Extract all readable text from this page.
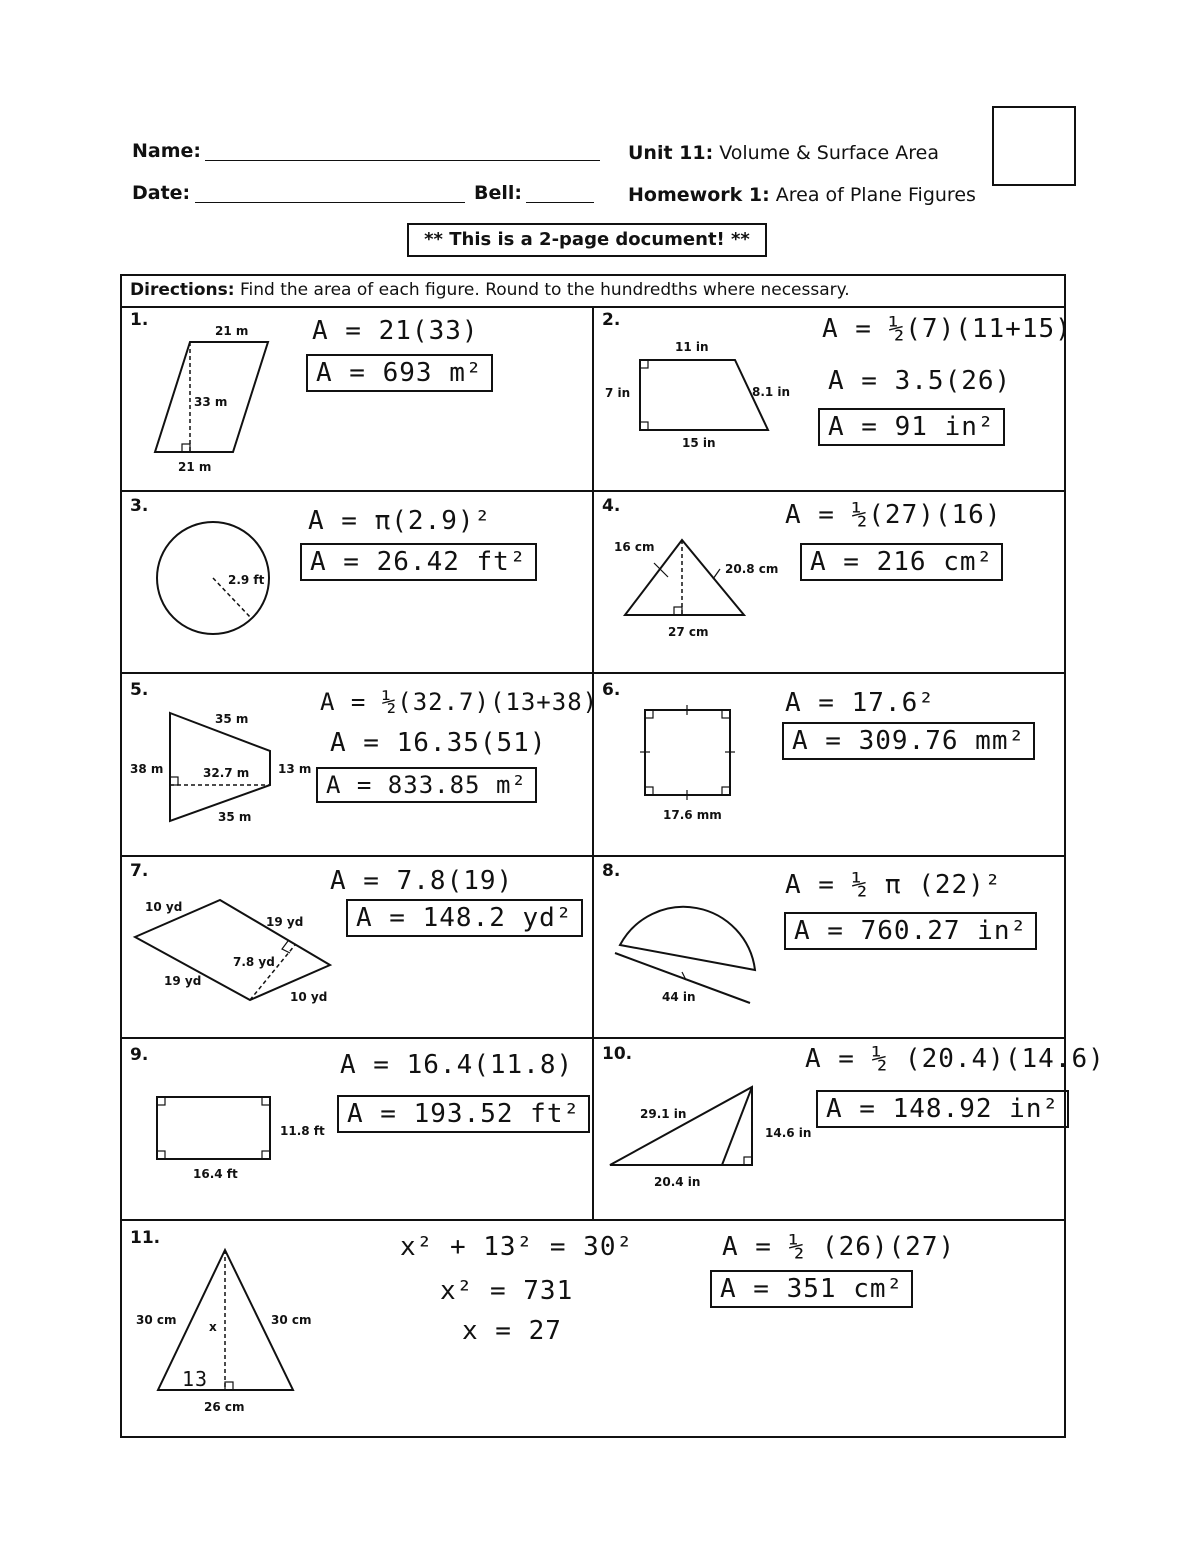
Name:
Date:	Bell:
Unit 11: Volume & Surface Area
Homework 1: Area of Plane Figures
** This is a 2-page document! **
Directions: Find the area of each figure. Round to the hundredths where necessary.
1.
21 m
33 m
21 m
A = 21(33)
A = 693 m²
2.
11 in
7 in	8.1 in
15 in
A = ½(7)(11+15)
A = 3.5(26)
A = 91 in²
3.
2.9 ft
A = π(2.9)²
A = 26.42 ft²
4.
16 cm
20.8 cm
27 cm
A = ½(27)(16)
A = 216 cm²
5.
35 m
38 m	32.7 m 13 m
35 m
A = ½(32.7)(13+38)
A = 16.35(51)
A = 833.85 m²
6.
17.6 mm
A = 17.6²
A = 309.76 mm²
7.
10 yd
19 yd
7.8 yd
19 yd
10 yd
A = 7.8(19)
A = 148.2 yd²
8.
44 in
A = ½ π (22)²
A = 760.27 in²
9.
11.8 ft
16.4 ft
A = 16.4(11.8)
A = 193.52 ft²
10.
29.1 in
14.6 in
20.4 in
A = ½ (20.4)(14.6)
A = 148.92 in²
11.
30 cm	x	30 cm
13
26 cm
x² + 13² = 30²
x² = 731
x = 27
A = ½ (26)(27)
A = 351 cm²
